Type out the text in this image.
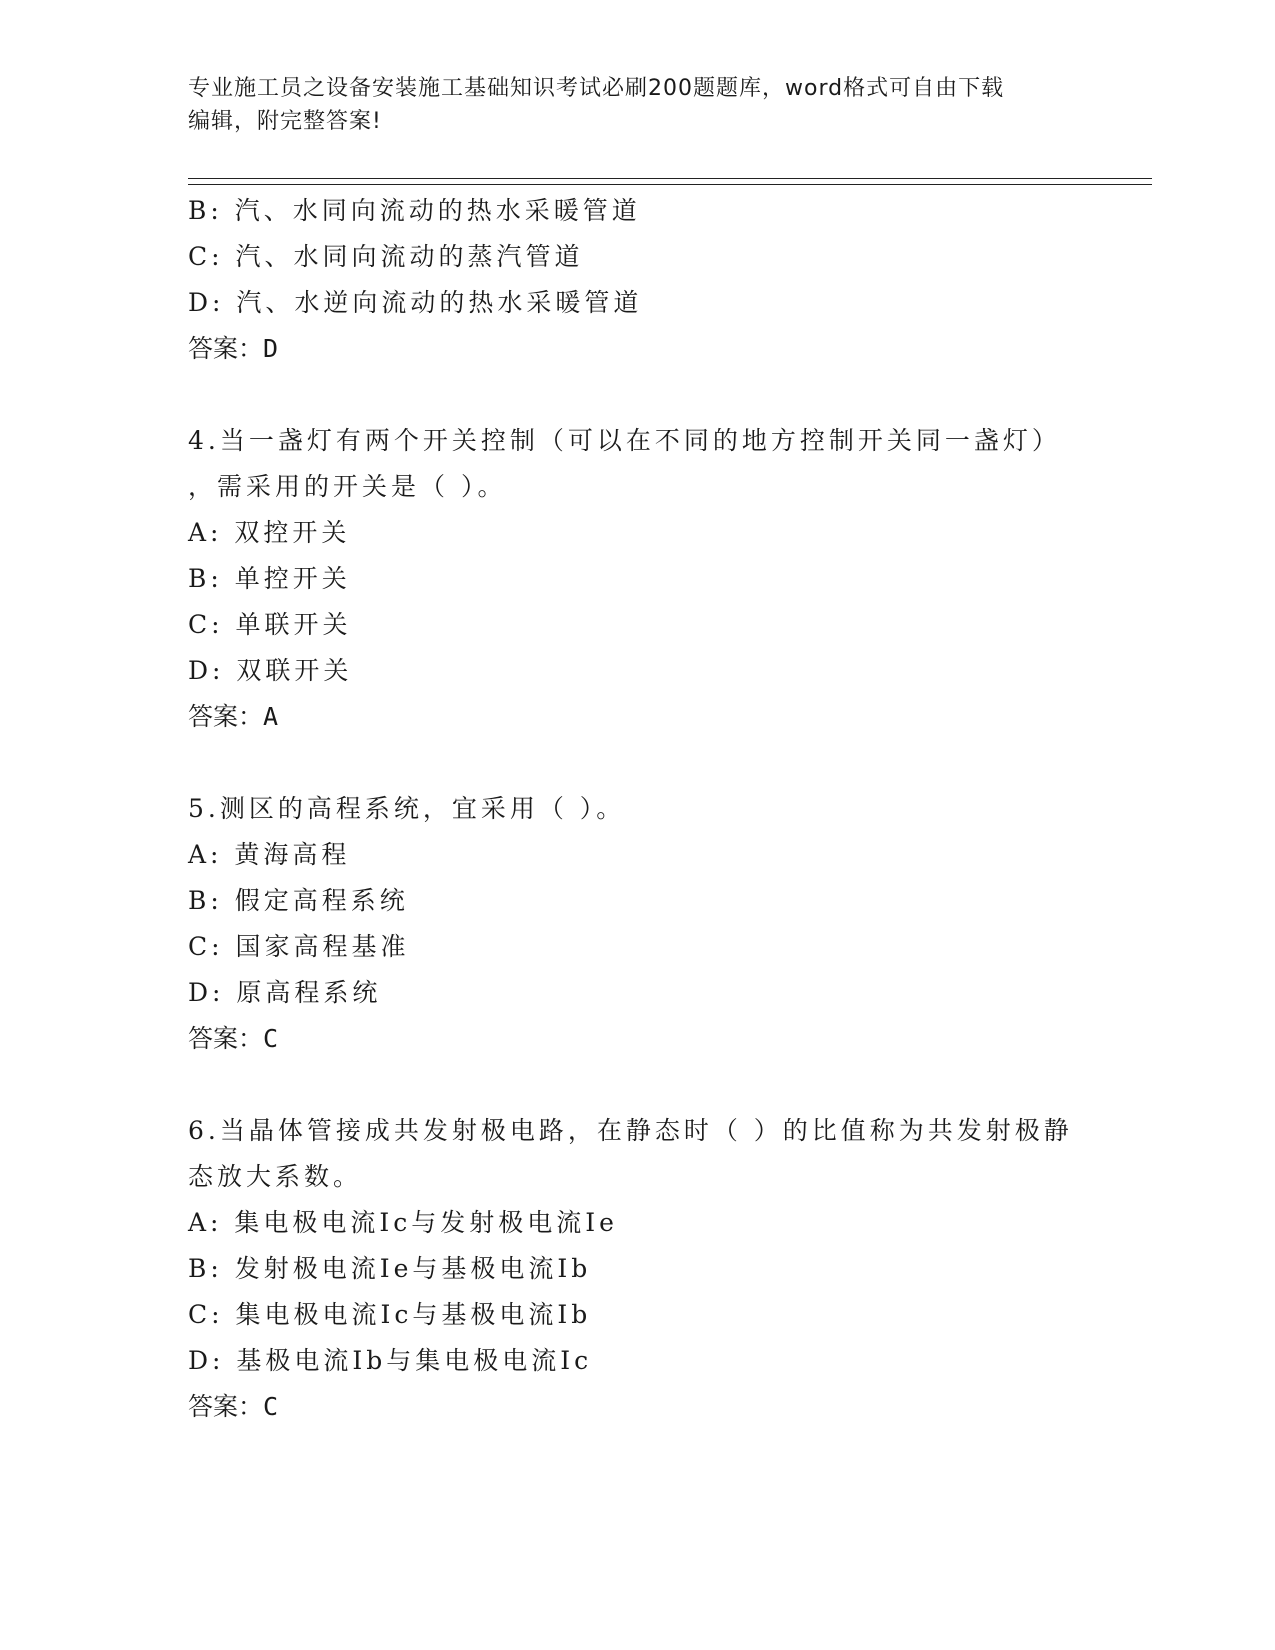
专业施工员之设备安装施工基础知识考试必刷200题题库，word格式可自由下载
编辑，附完整答案!
B: 汽、水同向流动的热水采暖管道
C: 汽、水同向流动的蒸汽管道
D: 汽、水逆向流动的热水采暖管道
答案：D
4.当一盏灯有两个开关控制（可以在不同的地方控制开关同一盏灯）
，需采用的开关是（ ）。
A: 双控开关
B: 单控开关
C: 单联开关
D: 双联开关
答案：A
5.测区的高程系统，宜采用（ ）。
A: 黄海高程
B: 假定高程系统
C: 国家高程基准
D: 原高程系统
答案：C
6.当晶体管接成共发射极电路，在静态时（ ）的比值称为共发射极静
态放大系数。
A: 集电极电流Ic与发射极电流Ie
B: 发射极电流Ie与基极电流Ib
C: 集电极电流Ic与基极电流Ib
D: 基极电流Ib与集电极电流Ic
答案：C
